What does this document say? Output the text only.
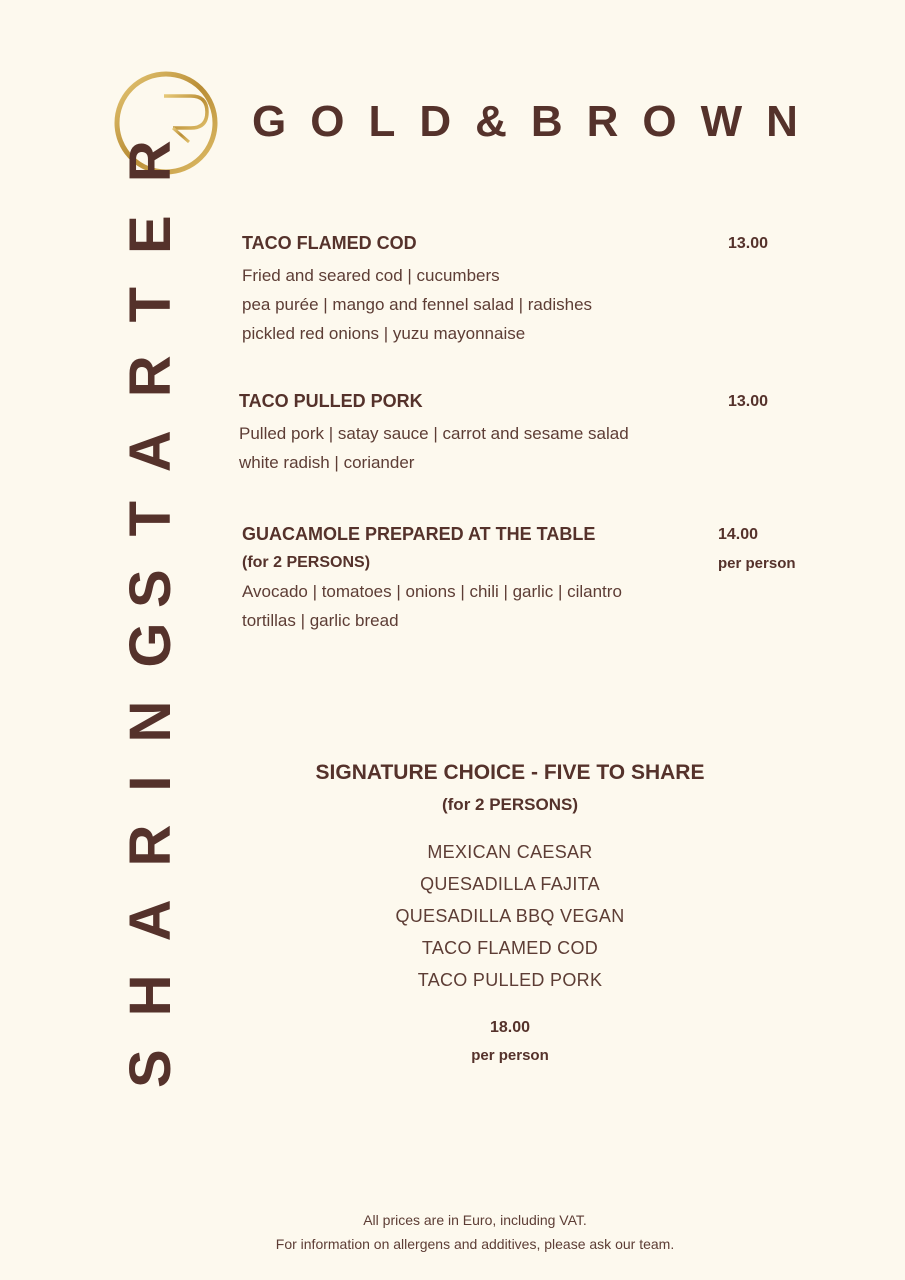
GOLD&BROWN
STARTER
SHARING
TACO FLAMED COD
Fried and seared cod | cucumbers
pea purée | mango and fennel salad | radishes
pickled red onions | yuzu mayonnaise
13.00
TACO PULLED PORK
Pulled pork | satay sauce | carrot and sesame salad
white radish | coriander
13.00
GUACAMOLE PREPARED AT THE TABLE
(for 2 PERSONS)
Avocado | tomatoes | onions | chili | garlic | cilantro
tortillas | garlic bread
14.00
per person
SIGNATURE CHOICE - FIVE TO SHARE
(for 2 PERSONS)
MEXICAN CAESAR
QUESADILLA FAJITA
QUESADILLA BBQ VEGAN
TACO FLAMED COD
TACO PULLED PORK
18.00
per person
All prices are in Euro, including VAT.
For information on allergens and additives, please ask our team.
